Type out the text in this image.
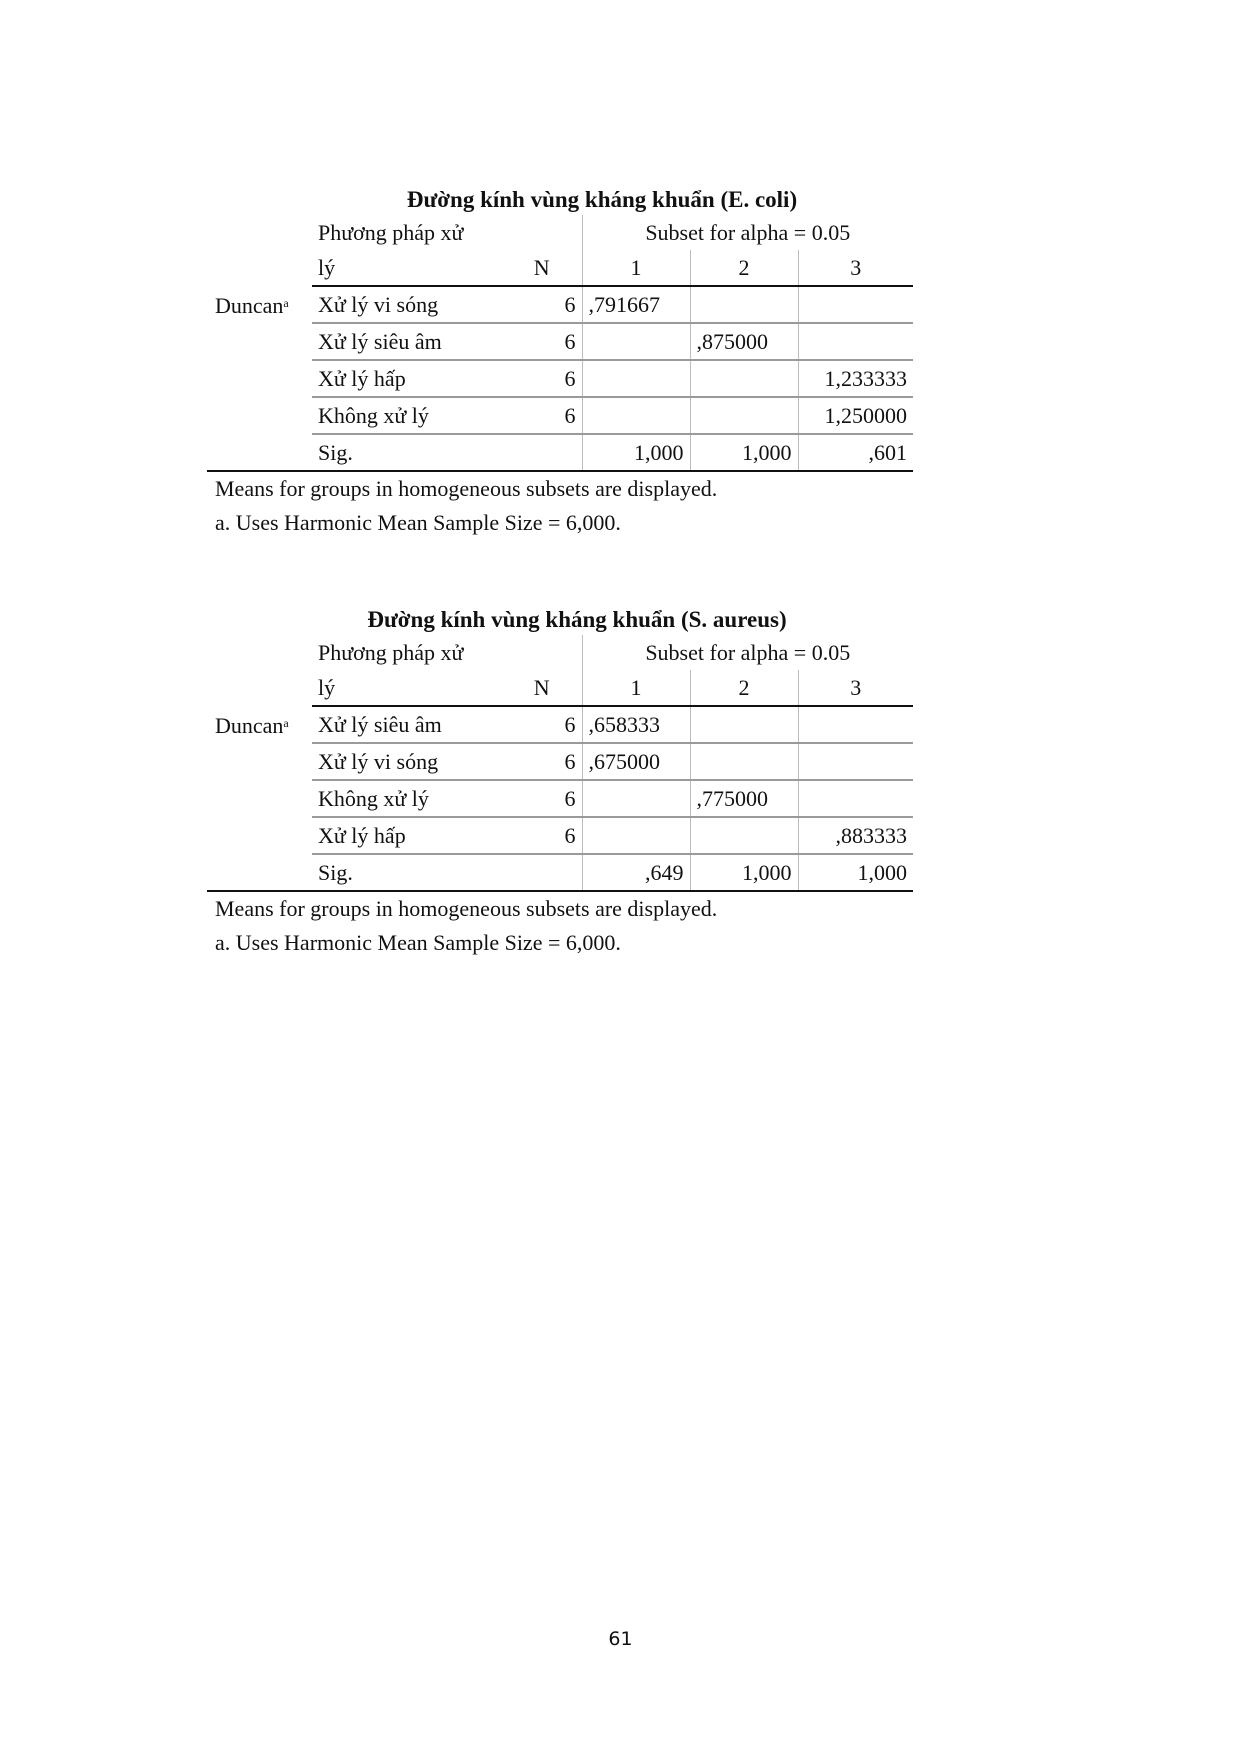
Đường kính vùng kháng khuẩn (E. coli)
	Phương pháp xử		Subset for alpha = 0.05		
	lý	N	1	2	3
Duncan$^a$	Xử lý vi sóng	6	,791667		
	Xử lý siêu âm	6		,875000	
	Xử lý hấp	6			1,233333
	Không xử lý	6			1,250000
	Sig.		1,000	1,000	,601
Means for groups in homogeneous subsets are displayed.
a. Uses Harmonic Mean Sample Size = 6,000.
Đường kính vùng kháng khuẩn (S. aureus)
	Phương pháp xử		Subset for alpha = 0.05		
	lý	N	1	2	3
Duncan$^a$	Xử lý siêu âm	6	,658333		
	Xử lý vi sóng	6	,675000		
	Không xử lý	6		,775000	
	Xử lý hấp	6			,883333
	Sig.		,649	1,000	1,000
Means for groups in homogeneous subsets are displayed.
a. Uses Harmonic Mean Sample Size = 6,000.
61
